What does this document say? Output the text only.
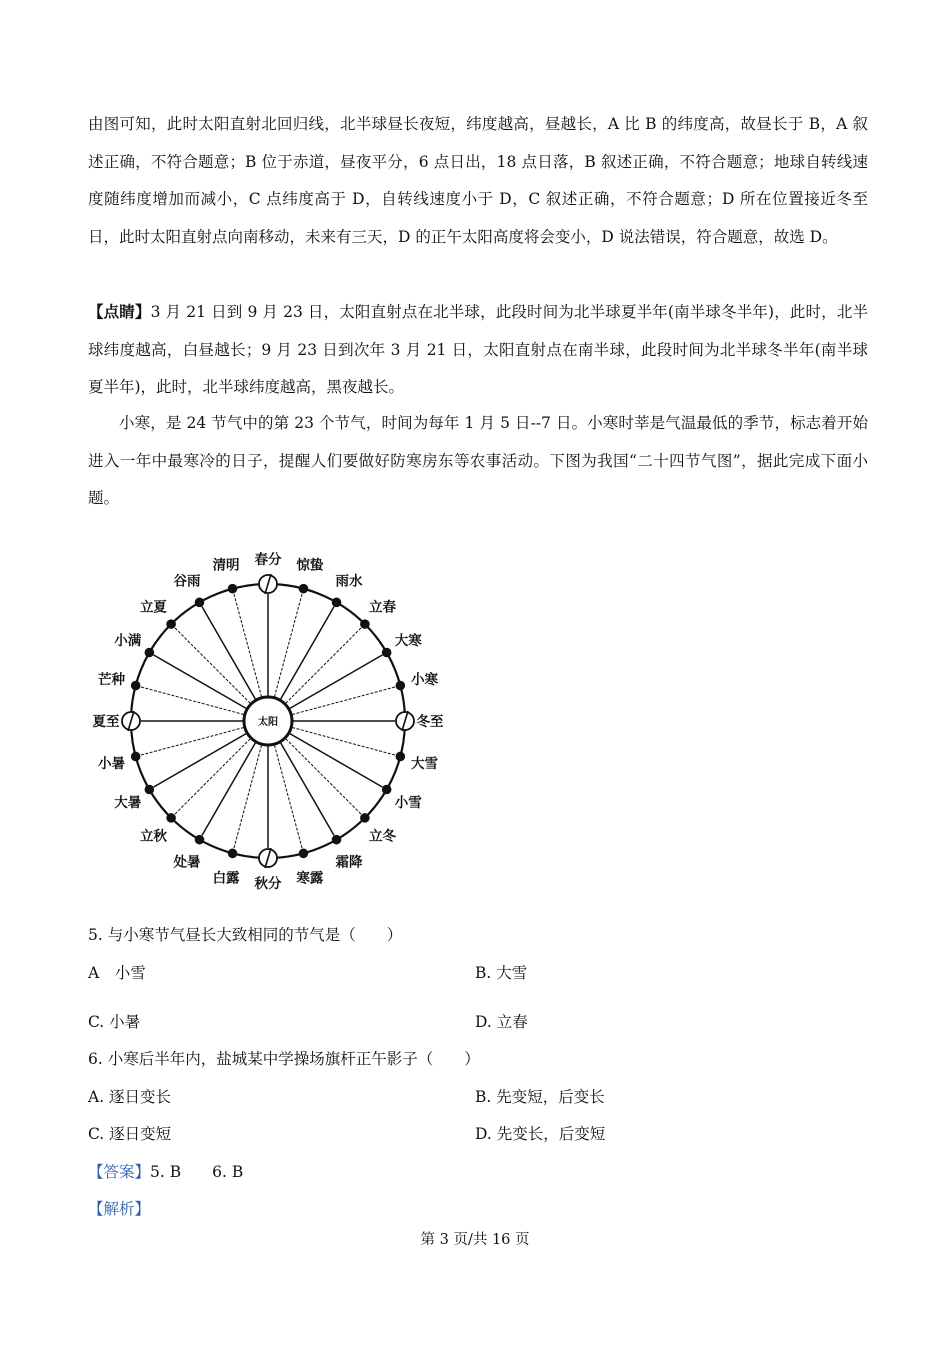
由图可知，此时太阳直射北回归线，北半球昼长夜短，纬度越高，昼越长，A 比 B 的纬度高，故昼长于 B，A 叙述正确，不符合题意；B 位于赤道，昼夜平分，6 点日出，18 点日落，B 叙述正确，不符合题意；地球自转线速度随纬度增加而减小，C 点纬度高于 D，自转线速度小于 D，C 叙述正确，不符合题意；D 所在位置接近冬至日，此时太阳直射点向南移动，未来有三天，D 的正午太阳高度将会变小，D 说法错误，符合题意，故选 D。

【点睛】3 月 21 日到 9 月 23 日，太阳直射点在北半球，此段时间为北半球夏半年(南半球冬半年)，此时，北半球纬度越高，白昼越长；9 月 23 日到次年 3 月 21 日，太阳直射点在南半球，此段时间为北半球冬半年(南半球夏半年)，此时，北半球纬度越高，黑夜越长。

小寒，是 24 节气中的第 23 个节气，时间为每年 1 月 5 日--7 日。小寒时莘是气温最低的季节，标志着开始进入一年中最寒冷的日子，提醒人们要做好防寒房东等农事活动。下图为我国“二十四节气图”，据此完成下面小题。

春分 惊蛰
雨水
立春
大寒
小寒
冬至
大雪
小雪
立冬
霜降
寒露
秋分
白露
处暑
立秋
大暑
小暑
夏至
芒种
小满
立夏
谷雨
清明
太阳
5. 与小寒节气昼长大致相同的节气是（　　）
A　小雪	B. 大雪
C. 小暑	D. 立春
6. 小寒后半年内，盐城某中学操场旗杆正午影子（　　）
A. 逐日变长	B. 先变短，后变长
C. 逐日变短	D. 先变长，后变短
【答案】5. B　　6. B
【解析】
第 3 页/共 16 页
